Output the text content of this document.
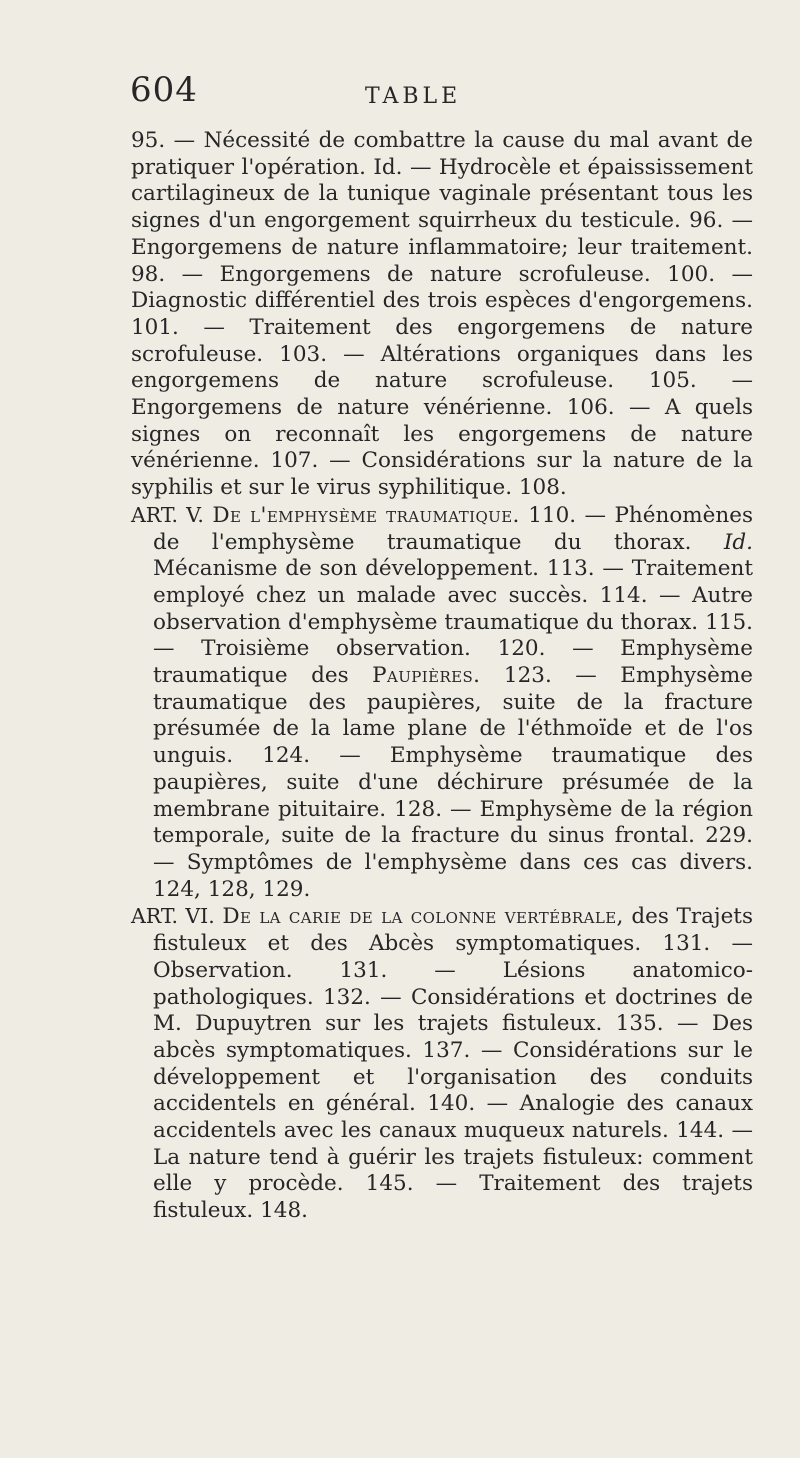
604	TABLE

95. — Nécessité de combattre la cause du mal avant de pratiquer l'opération. Id. — Hydrocèle et épaississement cartilagineux de la tunique vaginale présentant tous les signes d'un engorgement squirrheux du testicule. 96. — Engorgemens de nature inflammatoire; leur traitement. 98. — Engorgemens de nature scrofuleuse. 100. — Diagnostic différentiel des trois espèces d'engorgemens. 101. — Traitement des engorgemens de nature scrofuleuse. 103. — Altérations organiques dans les engorgemens de nature scrofuleuse. 105. — Engorgemens de nature vénérienne. 106. — A quels signes on reconnaît les engorgemens de nature vénérienne. 107. — Considérations sur la nature de la syphilis et sur le virus syphilitique. 108.

ART. V. De l'emphysème traumatique. 110. — Phénomènes de l'emphysème traumatique du thorax. Id. Mécanisme de son développement. 113. — Traitement employé chez un malade avec succès. 114. — Autre observation d'emphysème traumatique du thorax. 115. — Troisième observation. 120. — Emphysème traumatique des Paupières. 123. — Emphysème traumatique des paupières, suite de la fracture présumée de la lame plane de l'éthmoïde et de l'os unguis. 124. — Emphysème traumatique des paupières, suite d'une déchirure présumée de la membrane pituitaire. 128. — Emphysème de la région temporale, suite de la fracture du sinus frontal. 229. — Symptômes de l'emphysème dans ces cas divers. 124, 128, 129.

ART. VI. De la carie de la colonne vertébrale, des Trajets fistuleux et des Abcès symptomatiques. 131. — Observation. 131. — Lésions anatomico-pathologiques. 132. — Considérations et doctrines de M. Dupuytren sur les trajets fistuleux. 135. — Des abcès symptomatiques. 137. — Considérations sur le développement et l'organisation des conduits accidentels en général. 140. — Analogie des canaux accidentels avec les canaux muqueux naturels. 144. — La nature tend à guérir les trajets fistuleux: comment elle y procède. 145. — Traitement des trajets fistuleux. 148.
